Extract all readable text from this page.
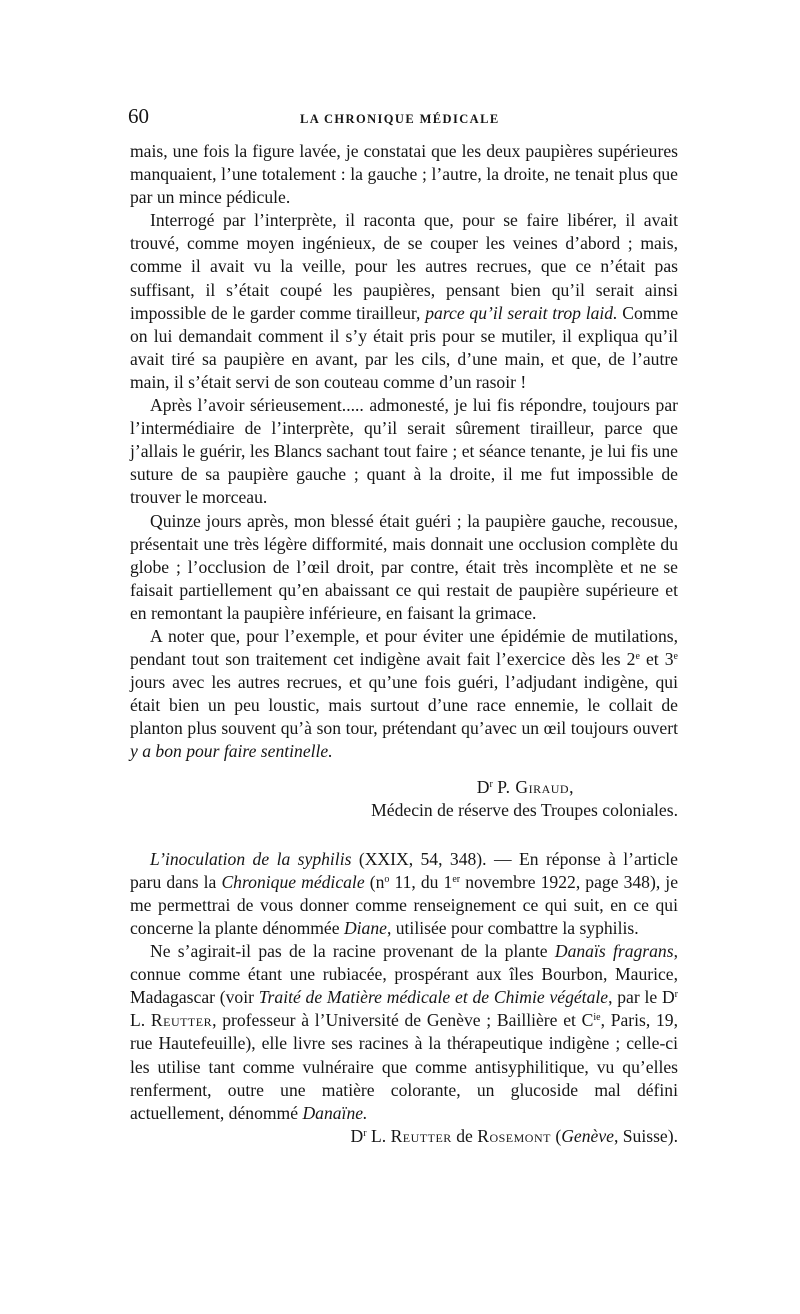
60	LA CHRONIQUE MÉDICALE

mais, une fois la figure lavée, je constatai que les deux paupières supérieures manquaient, l’une totalement : la gauche ; l’autre, la droite, ne tenait plus que par un mince pédicule.

Interrogé par l’interprète, il raconta que, pour se faire libérer, il avait trouvé, comme moyen ingénieux, de se couper les veines d’abord ; mais, comme il avait vu la veille, pour les autres recrues, que ce n’était pas suffisant, il s’était coupé les paupières, pensant bien qu’il serait ainsi impossible de le garder comme tirailleur, parce qu’il serait trop laid. Comme on lui demandait comment il s’y était pris pour se mutiler, il expliqua qu’il avait tiré sa paupière en avant, par les cils, d’une main, et que, de l’autre main, il s’était servi de son couteau comme d’un rasoir !

Après l’avoir sérieusement..... admonesté, je lui fis répondre, toujours par l’intermédiaire de l’interprète, qu’il serait sûrement tirailleur, parce que j’allais le guérir, les Blancs sachant tout faire ; et séance tenante, je lui fis une suture de sa paupière gauche ; quant à la droite, il me fut impossible de trouver le morceau.

Quinze jours après, mon blessé était guéri ; la paupière gauche, recousue, présentait une très légère difformité, mais donnait une occlusion complète du globe ; l’occlusion de l’œil droit, par contre, était très incomplète et ne se faisait partiellement qu’en abaissant ce qui restait de paupière supérieure et en remontant la paupière inférieure, en faisant la grimace.

A noter que, pour l’exemple, et pour éviter une épidémie de mutilations, pendant tout son traitement cet indigène avait fait l’exercice dès les 2e et 3e jours avec les autres recrues, et qu’une fois guéri, l’adjudant indigène, qui était bien un peu loustic, mais surtout d’une race ennemie, le collait de planton plus souvent qu’à son tour, prétendant qu’avec un œil toujours ouvert y a bon pour faire sentinelle.

$D^r$ P. Giraud,

Médecin de réserve des Troupes coloniales.

L’inoculation de la syphilis (XXIX, 54, 348). — En réponse à l’article paru dans la Chronique médicale ($n^o$ 11, du 1er novembre 1922, page 348), je me permettrai de vous donner comme renseignement ce qui suit, en ce qui concerne la plante dénommée Diane, utilisée pour combattre la syphilis.

Ne s’agirait-il pas de la racine provenant de la plante Danaïs fragrans, connue comme étant une rubiacée, prospérant aux îles Bourbon, Maurice, Madagascar (voir Traité de Matière médicale et de Chimie végétale, par le $D^r$ L. Reutter, professeur à l’Université de Genève ; Baillière et $C^{ie}$, Paris, 19, rue Hautefeuille), elle livre ses racines à la thérapeutique indigène ; celle-ci les utilise tant comme vulnéraire que comme antisyphilitique, vu qu’elles renferment, outre une matière colorante, un glucoside mal défini actuellement, dénommé Danaïne.

$D^r$ L. Reutter de Rosemont (Genève, Suisse).
